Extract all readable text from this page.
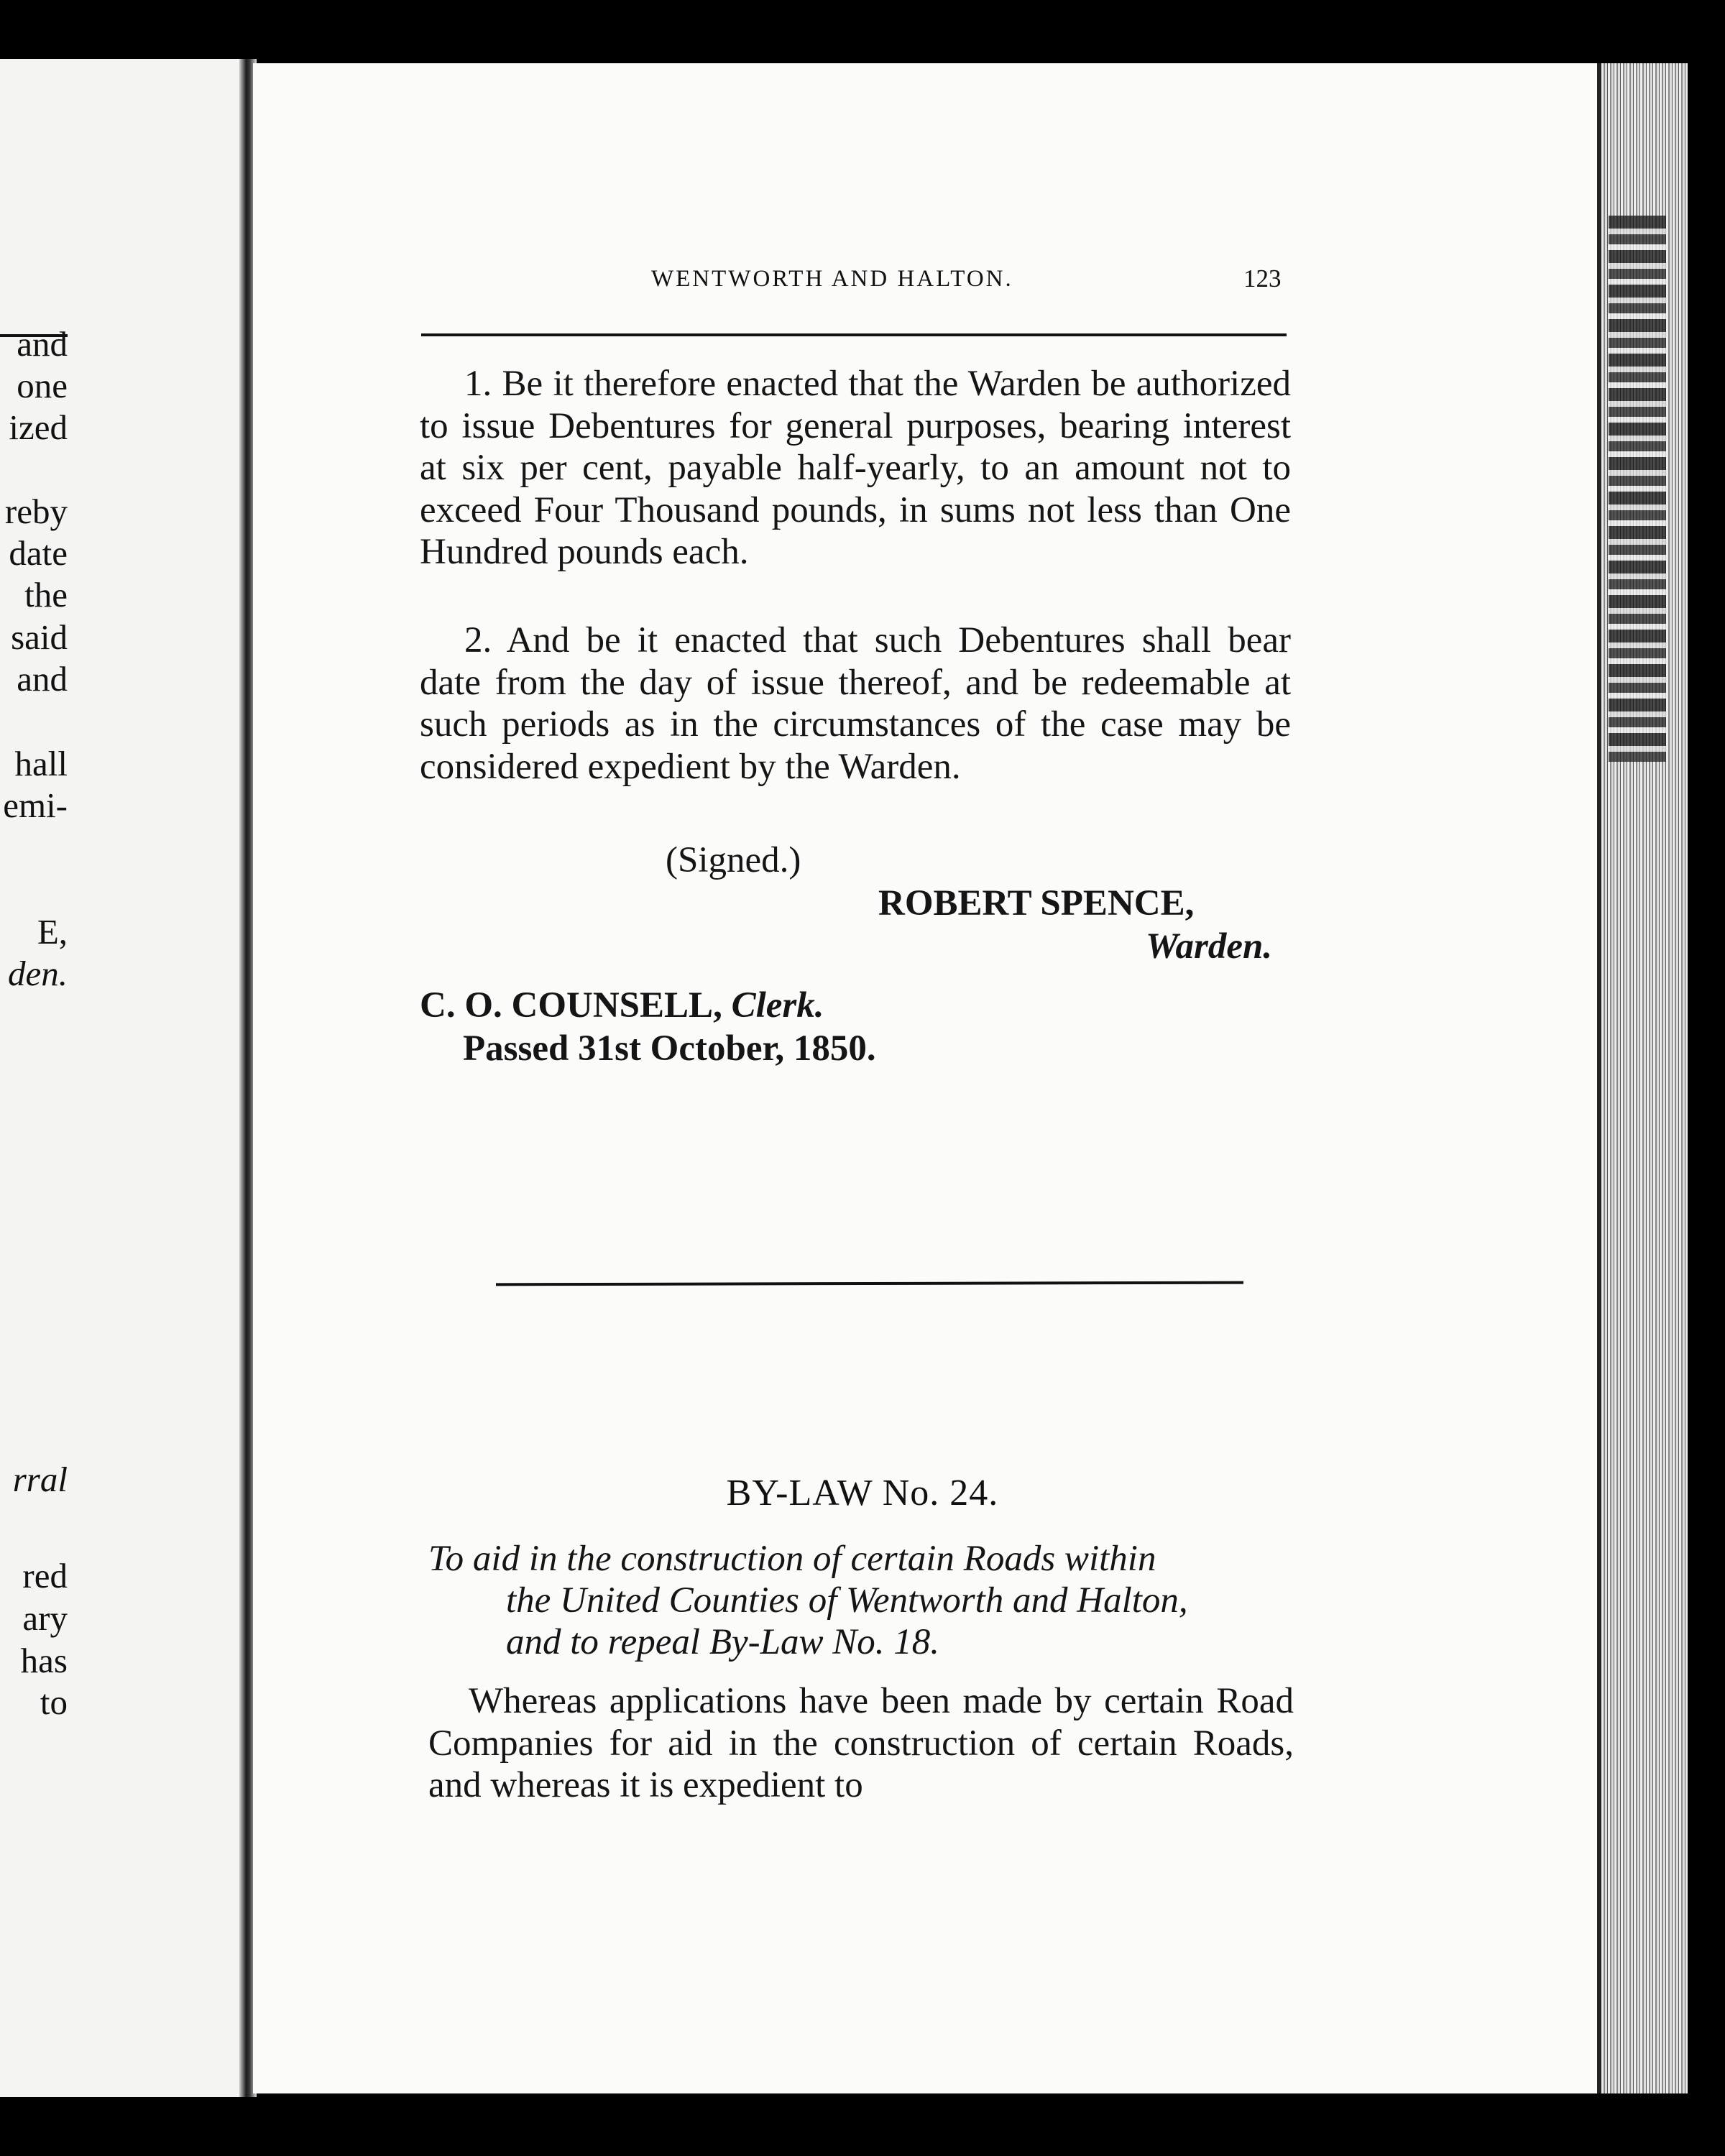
and
one
ized
reby
date
the
said
and
hall
emi-
E,
den.
rral
red
ary
has
to
WENTWORTH AND HALTON.	123
1. Be it therefore enacted that the Warden be authorized to issue Debentures for general purposes, bearing interest at six per cent, payable half-yearly, to an amount not to exceed Four Thousand pounds, in sums not less than One Hundred pounds each.
2. And be it enacted that such Debentures shall bear date from the day of issue thereof, and be redeemable at such periods as in the circumstances of the case may be considered expedient by the Warden.
(Signed.)
ROBERT SPENCE,
Warden.
C. O. COUNSELL, Clerk.
Passed 31st October, 1850.
BY-LAW No. 24.
To aid in the construction of certain Roads within
the United Counties of Wentworth and Halton,
and to repeal By-Law No. 18.
Whereas applications have been made by certain Road Companies for aid in the construction of certain Roads, and whereas it is expedient to
